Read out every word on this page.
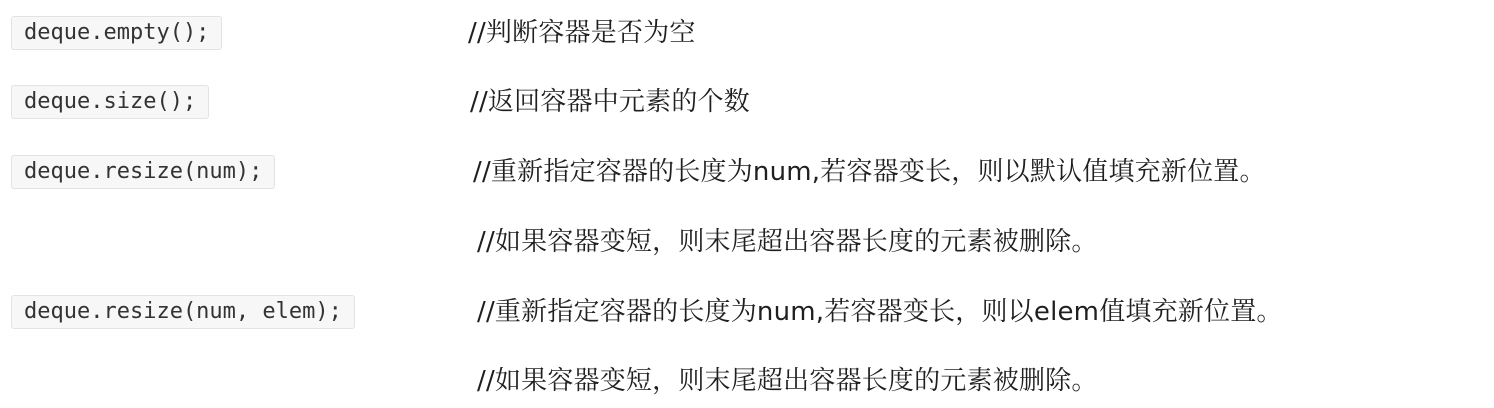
deque.empty();	//判断容器是否为空
deque.size();	//返回容器中元素的个数
deque.resize(num);	//重新指定容器的长度为num,若容器变长，则以默认值填充新位置。
//如果容器变短，则末尾超出容器长度的元素被删除。
deque.resize(num, elem);	//重新指定容器的长度为num,若容器变长，则以elem值填充新位置。
//如果容器变短，则末尾超出容器长度的元素被删除。
